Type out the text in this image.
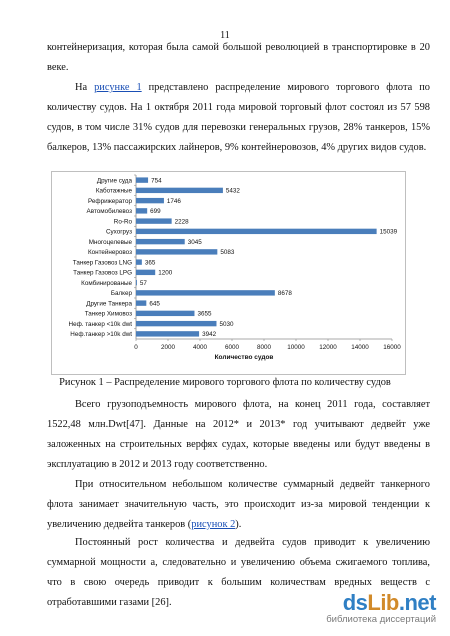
11

контейнеризация, которая была самой большой революцией в транспортировке в 20 веке.

На рисунке 1 представлено распределение мирового торгового флота по количеству судов. На 1 октября 2011 года мировой торговый флот состоял из 57 598 судов, в том числе 31% судов для перевозки генеральных грузов, 28% танкеров, 15% балкеров, 13% пассажирских лайнеров, 9% контейнеровозов, 4% других видов судов.

Другие суда	754
Каботажные	5432
Рефрижератор	1746
Автомобилевоз	699
Ro-Ro	2228
Сухогруз	15039
Многоцелевые	3045
Контейнеровоз	5083
Танкер Газовоз LNG 365
Танкер Газовоз LPG	1200
Комбинированые 57
Балкер	8678
Другие Танкера	645
Танкер Химовоз	3655
Неф. танкер <10k dwt	5030
Неф.танкер >10k dwt	3942
0	2000	4000	6000	8000	10000 12000 14000 16000
Количество судов
Рисунок 1 – Распределение мирового торгового флота по количеству судов

Всего грузоподъемность мирового флота, на конец 2011 года, составляет 1522,48 млн.Dwt[47]. Данные на 2012* и 2013* год учитывают дедвейт уже заложенных на строительных верфях судах, которые введены или будут введены в эксплуатацию в 2012 и 2013 году соответственно.

При относительном небольшом количестве суммарный дедвейт танкерного флота занимает значительную часть, это происходит из-за мировой тенденции к увеличению дедвейта танкеров (рисунок 2).

Постоянный рост количества и дедвейта судов приводит к увеличению суммарной мощности а, следовательно и увеличению объема сжигаемого топлива, что в свою очередь приводит к большим количествам вредных веществ с отработавшими газами [26].	dsLib.net
библиотека диссертаций
